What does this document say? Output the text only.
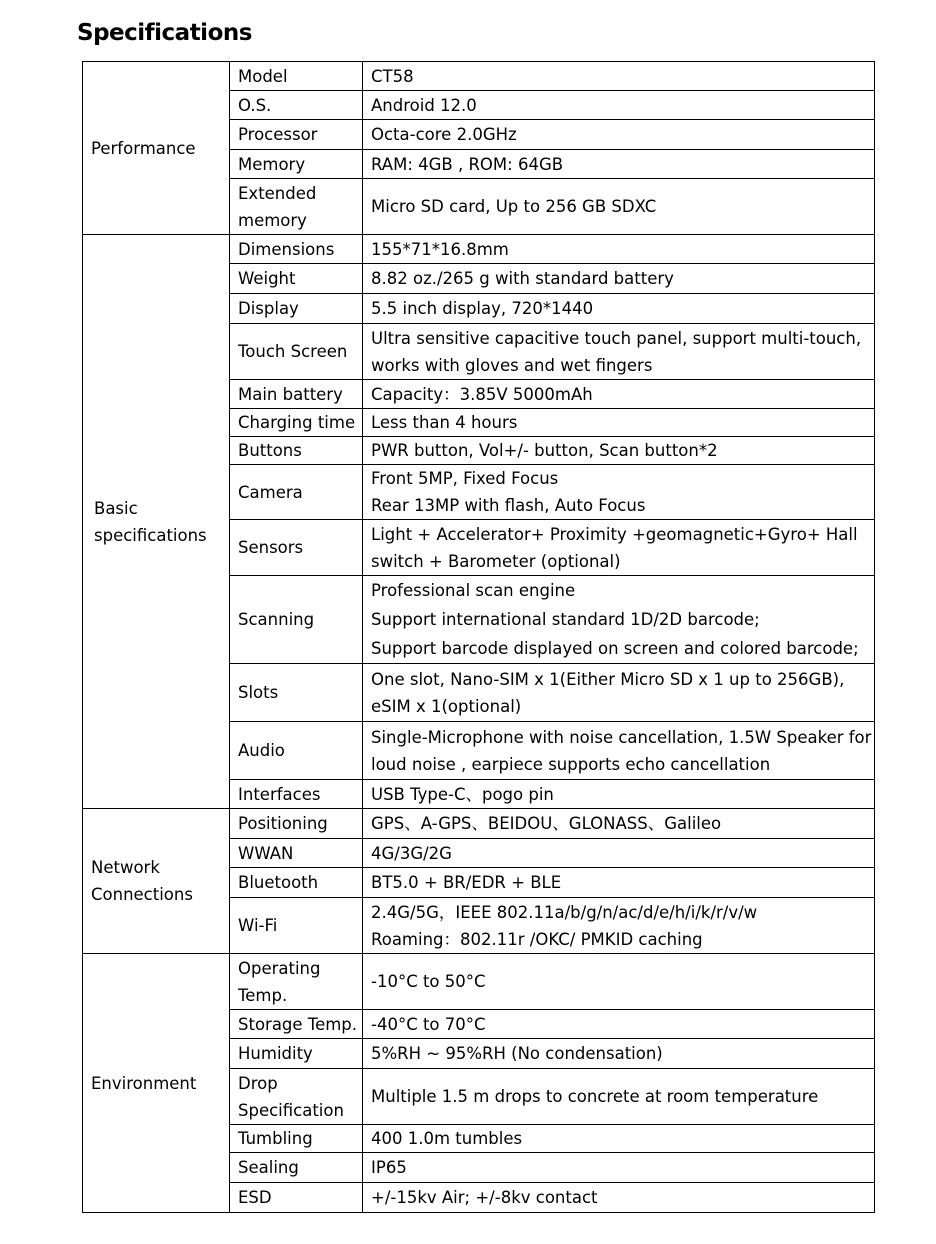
Specifications
Performance	Model	CT58

	O.S.	Android 12.0

	Processor	Octa-core 2.0GHz

	Memory	RAM: 4GB , ROM: 64GB

	Extended
memory	Micro SD card, Up to 256 GB SDXC

Basic
specifications	Dimensions	155*71*16.8mm

	Weight	8.82 oz./265 g with standard battery

	Display	5.5 inch display, 720*1440

	Touch Screen	Ultra sensitive capacitive touch panel, support multi-touch,
works with gloves and wet fingers

	Main battery	Capacity：3.85V 5000mAh

	Charging time	Less than 4 hours

	Buttons	PWR button, Vol+/- button, Scan button*2

	Camera	Front 5MP, Fixed Focus
Rear 13MP with flash, Auto Focus

	Sensors	Light + Accelerator+ Proximity +geomagnetic+Gyro+ Hall
switch + Barometer (optional)

	Scanning	Professional scan engine
Support international standard 1D/2D barcode;
Support barcode displayed on screen and colored barcode;

	Slots	One slot, Nano-SIM x 1(Either Micro SD x 1 up to 256GB),
eSIM x 1(optional)

	Audio	Single-Microphone with noise cancellation, 1.5W Speaker for
loud noise , earpiece supports echo cancellation

	Interfaces	USB Type-C、pogo pin

Network
Connections	Positioning	GPS、A-GPS、BEIDOU、GLONASS、Galileo

	WWAN	4G/3G/2G

	Bluetooth	BT5.0 + BR/EDR + BLE

	Wi-Fi	2.4G/5G，IEEE 802.11a/b/g/n/ac/d/e/h/i/k/r/v/w
Roaming：802.11r /OKC/ PMKID caching

Environment	Operating
Temp.	-10°C to 50°C

	Storage Temp.	-40°C to 70°C

	Humidity	5%RH ~ 95%RH (No condensation)

	Drop
Specification	Multiple 1.5 m drops to concrete at room temperature

	Tumbling	400 1.0m tumbles

	Sealing	IP65

	ESD	+/-15kv Air; +/-8kv contact
